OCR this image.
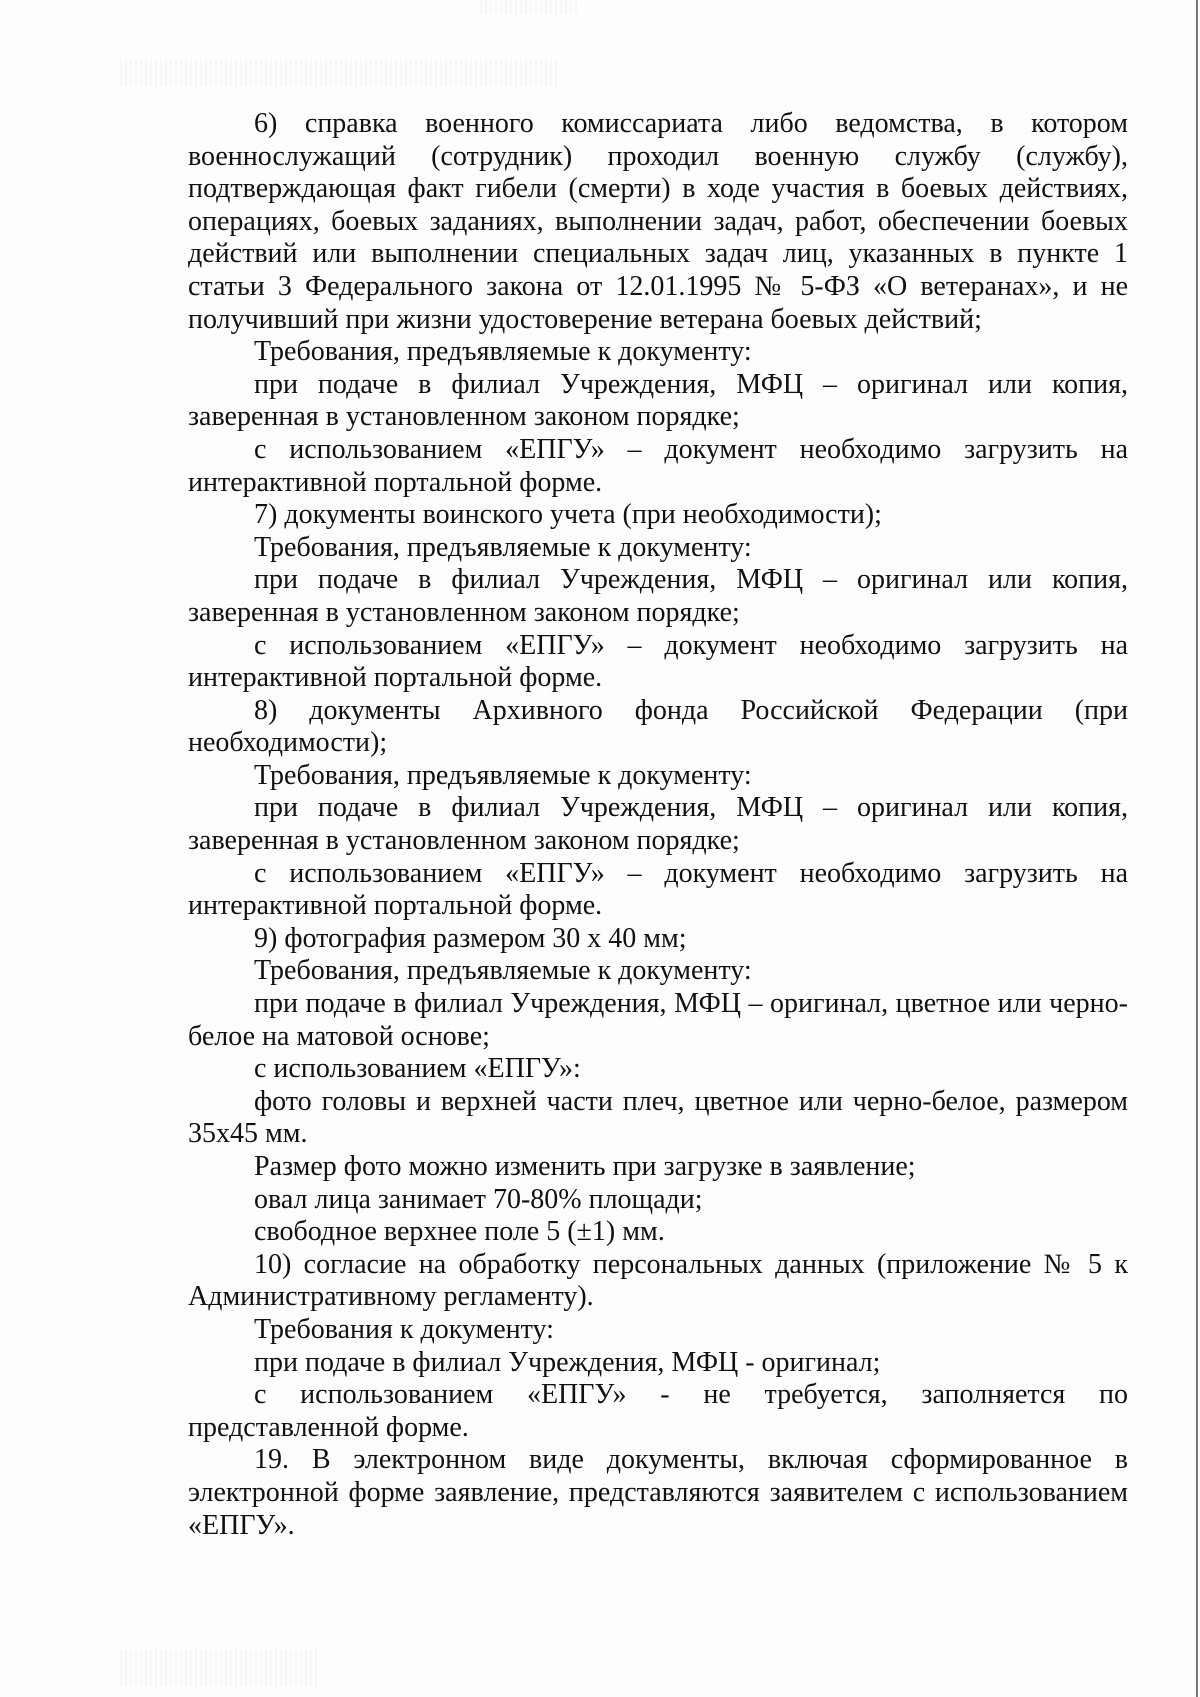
6) справка военного комиссариата либо ведомства, в котором военнослужащий (сотрудник) проходил военную службу (службу), подтверждающая факт гибели (смерти) в ходе участия в боевых действиях, операциях, боевых заданиях, выполнении задач, работ, обеспечении боевых действий или выполнении специальных задач лиц, указанных в пункте 1 статьи 3 Федерального закона от 12.01.1995 № 5-ФЗ «О ветеранах», и не получивший при жизни удостоверение ветерана боевых действий;

Требования, предъявляемые к документу:

при подаче в филиал Учреждения, МФЦ – оригинал или копия, заверенная в установленном законом порядке;

с использованием «ЕПГУ» – документ необходимо загрузить на интерактивной портальной форме.

7) документы воинского учета (при необходимости);

Требования, предъявляемые к документу:

при подаче в филиал Учреждения, МФЦ – оригинал или копия, заверенная в установленном законом порядке;

с использованием «ЕПГУ» – документ необходимо загрузить на интерактивной портальной форме.

8) документы Архивного фонда Российской Федерации (при необходимости);

Требования, предъявляемые к документу:

при подаче в филиал Учреждения, МФЦ – оригинал или копия, заверенная в установленном законом порядке;

с использованием «ЕПГУ» – документ необходимо загрузить на интерактивной портальной форме.

9) фотография размером 30 х 40 мм;

Требования, предъявляемые к документу:

при подаче в филиал Учреждения, МФЦ – оригинал, цветное или черно-белое на матовой основе;

с использованием «ЕПГУ»:

фото головы и верхней части плеч, цветное или черно-белое, размером 35х45 мм.

Размер фото можно изменить при загрузке в заявление;

овал лица занимает 70-80% площади;

свободное верхнее поле 5 (±1) мм.

10) согласие на обработку персональных данных (приложение № 5 к Административному регламенту).

Требования к документу:

при подаче в филиал Учреждения, МФЦ - оригинал;

с использованием «ЕПГУ» - не требуется, заполняется по представленной форме.

19. В электронном виде документы, включая сформированное в электронной форме заявление, представляются заявителем с использованием «ЕПГУ».
